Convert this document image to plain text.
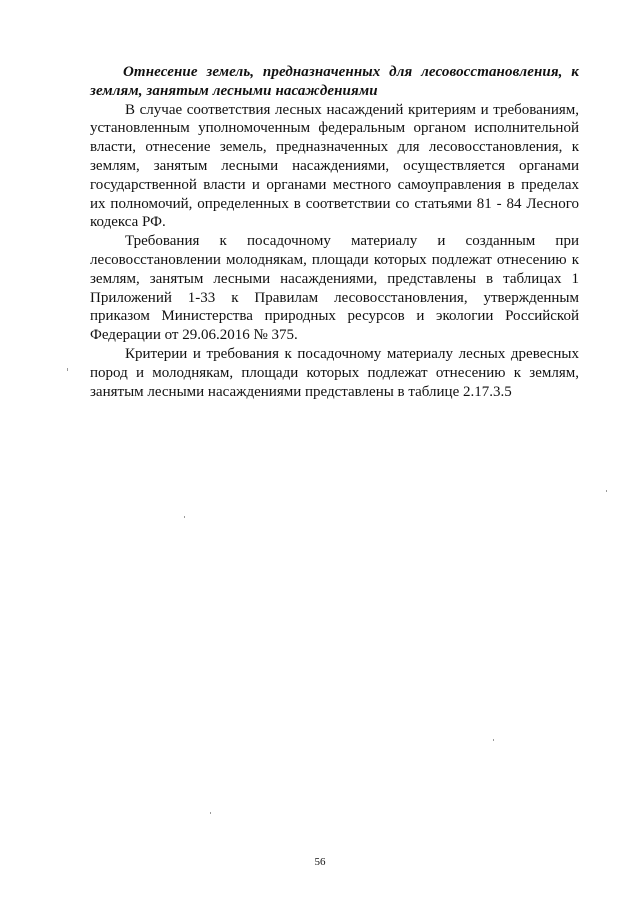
Отнесение земель, предназначенных для лесовосстановления, к землям, занятым лесными насаждениями

В случае соответствия лесных насаждений критериям и требованиям, установленным уполномоченным федеральным органом исполнительной власти, отнесение земель, предназначенных для лесовосстановления, к землям, занятым лесными насаждениями, осуществляется органами государственной власти и органами местного самоуправления в пределах их полномочий, определенных в соответствии со статьями 81 - 84 Лесного кодекса РФ.

Требования к посадочному материалу и созданным при лесовосстановлении молоднякам, площади которых подлежат отнесению к землям, занятым лесными насаждениями, представлены в таблицах 1 Приложений 1-33 к Правилам лесовосстановления, утвержденным приказом Министерства природных ресурсов и экологии Российской Федерации от 29.06.2016 № 375.

Критерии и требования к посадочному материалу лесных древесных пород и молоднякам, площади которых подлежат отнесению к землям, занятым лесными насаждениями представлены в таблице 2.17.3.5

56
